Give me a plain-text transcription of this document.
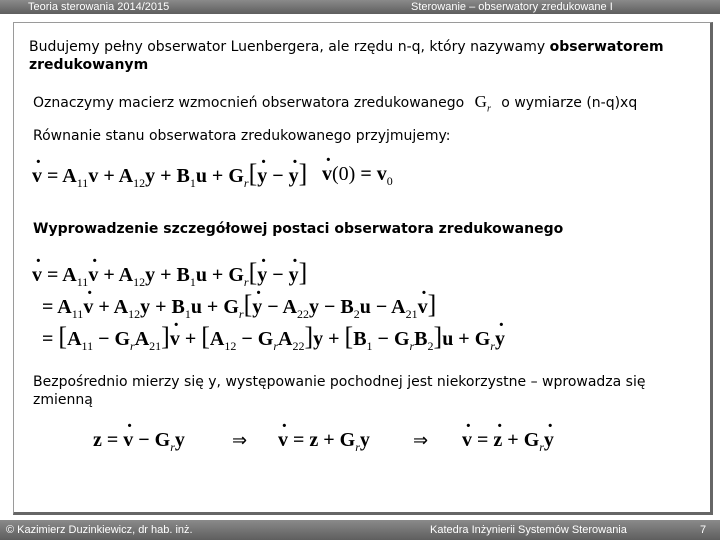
Teoria sterowania 2014/2015	Sterowanie – obserwatory zredukowane I
Budujemy pełny obserwator Luenbergera, ale rzędu n-q, który nazywamy obserwatorem
zredukowanym
Oznaczymy macierz wzmocnień obserwatora zredukowanego $G_r$ o wymiarze (n-q)xq
Równanie stanu obserwatora zredukowanego przyjmujemy:
· $v = A_{11}v + A_{12}y + B_1u + G_r[\cdot y$ − · y]
· $v(0) = v_0$
Wyprowadzenie szczegółowej postaci obserwatora zredukowanego
· $v = A_{11}\cdot v + A_{12}y + B_1u + G_r[\cdot y$ − · y]
= $A_{11}\cdot v + A_{12}y + B_1u + G_r[\cdot y - A_{22}y - B_2u - A_{21}\cdot v]$
= $[A_{11} - G_rA_{21}]\cdot v + [A_{12} - G_rA_{22}]y + [B_1 - G_rB_2]u + G_r\cdot y$
Bezpośrednio mierzy się y, występowanie pochodnej jest niekorzystne – wprowadza się
zmienną
z = · $v - G_ry$	⇒
· $v = z + G_ry$ ⇒
· v = · $z + G_r\cdot y$
© Kazimierz Duzinkiewicz, dr hab. inż.	Katedra Inżynierii Systemów Sterowania	7
